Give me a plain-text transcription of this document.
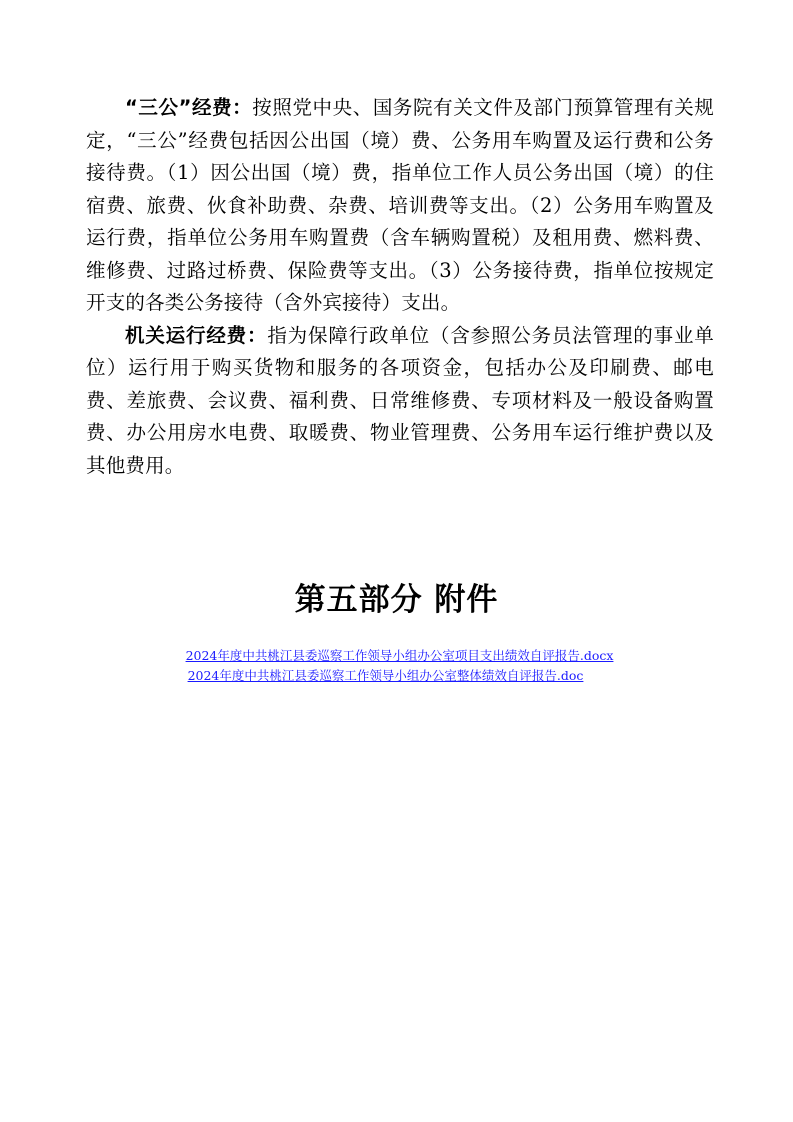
“三公”经费：按照党中央、国务院有关文件及部门预算管理有关规定，“三公”经费包括因公出国（境）费、公务用车购置及运行费和公务接待费。（1）因公出国（境）费，指单位工作人员公务出国（境）的住宿费、旅费、伙食补助费、杂费、培训费等支出。（2）公务用车购置及运行费，指单位公务用车购置费（含车辆购置税）及租用费、燃料费、维修费、过路过桥费、保险费等支出。（3）公务接待费，指单位按规定开支的各类公务接待（含外宾接待）支出。

机关运行经费：指为保障行政单位（含参照公务员法管理的事业单位）运行用于购买货物和服务的各项资金，包括办公及印刷费、邮电费、差旅费、会议费、福利费、日常维修费、专项材料及一般设备购置费、办公用房水电费、取暖费、物业管理费、公务用车运行维护费以及其他费用。

第五部分 附件
2024年度中共桃江县委巡察工作领导小组办公室项目支出绩效自评报告.docx
2024年度中共桃江县委巡察工作领导小组办公室整体绩效自评报告.doc
